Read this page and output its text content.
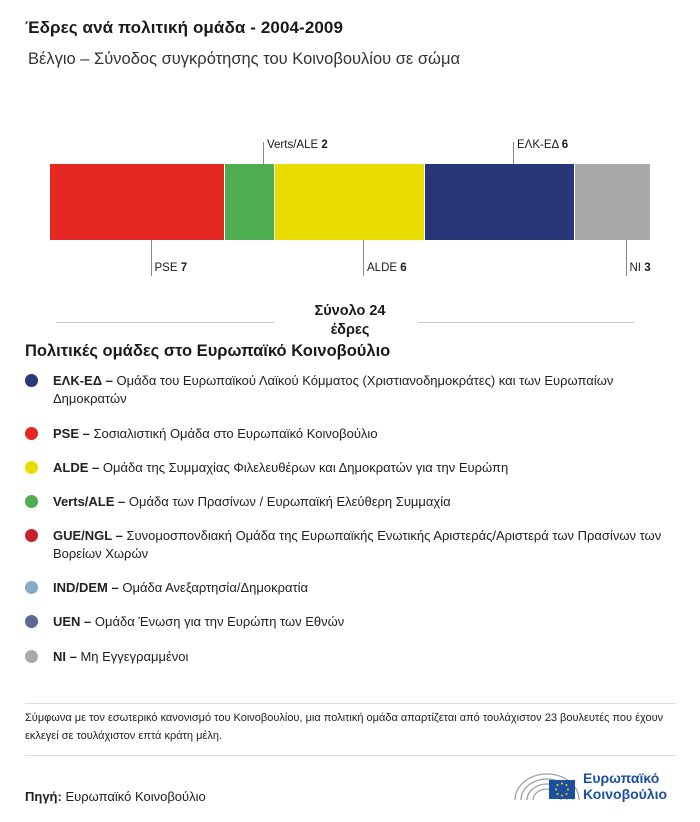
Έδρες ανά πολιτική ομάδα - 2004-2009
Βέλγιο – Σύνοδος συγκρότησης του Κοινοβουλίου σε σώμα
PSE 7
Verts/ALE 2
ALDE 6
ΕΛΚ-ΕΔ 6
NI 3
Σύνολο 24
έδρες
Πολιτικές ομάδες στο Ευρωπαϊκό Κοινοβούλιο
ΕΛΚ-ΕΔ – Ομάδα του Ευρωπαϊκού Λαϊκού Κόμματος (Χριστιανοδημοκράτες) και των Ευρωπαίων Δημοκρατών
PSE – Σοσιαλιστική Ομάδα στο Ευρωπαϊκό Κοινοβούλιο
ALDE – Ομάδα της Συμμαχίας Φιλελευθέρων και Δημοκρατών για την Ευρώπη
Verts/ALE – Ομάδα των Πρασίνων / Ευρωπαϊκή Ελεύθερη Συμμαχία
GUE/NGL – Συνομοσπονδιακή Ομάδα της Ευρωπαϊκής Ενωτικής Αριστεράς/Αριστερά των Πρασίνων των Βορείων Χωρών
IND/DEM – Ομάδα Ανεξαρτησία/Δημοκρατία
UEN – Ομάδα Ένωση για την Ευρώπη των Εθνών
NI – Μη Εγγεγραμμένοι
Σύμφωνα με τον εσωτερικό κανονισμό του Κοινοβουλίου, μια πολιτική ομάδα απαρτίζεται από τουλάχιστον 23 βουλευτές που έχουν εκλεγεί σε τουλάχιστον επτά κράτη μέλη.
Πηγή: Ευρωπαϊκό Κοινοβούλιο
Ευρωπαϊκό
Κοινοβούλιο
